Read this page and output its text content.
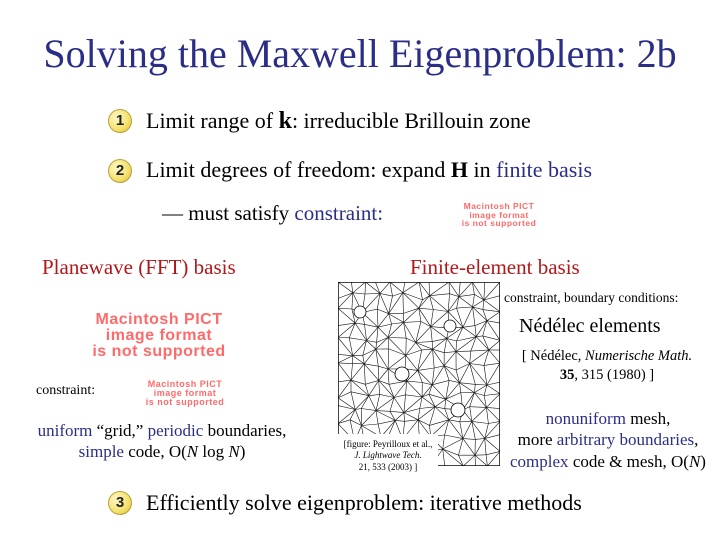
Solving the Maxwell Eigenproblem: 2b
1 Limit range of k: irreducible Brillouin zone
2 Limit degrees of freedom: expand H in finite basis
— must satisfy constraint:	Macintosh PICT
image format
is not supported
Planewave (FFT) basis
Macintosh PICT
image format
is not supported
constraint:	Macintosh PICT
image format
is not supported
uniform “grid,” periodic boundaries,
simple code, O(N log N)
Finite-element basis
[figure: Peyrilloux et al.,
J. Lightwave Tech.
21, 533 (2003) ]
constraint, boundary conditions:
Nédélec elements
[ Nédélec, Numerische Math.
35, 315 (1980) ]
nonuniform mesh,
more arbitrary boundaries,
complex code & mesh, O(N)
3 Efficiently solve eigenproblem: iterative methods
